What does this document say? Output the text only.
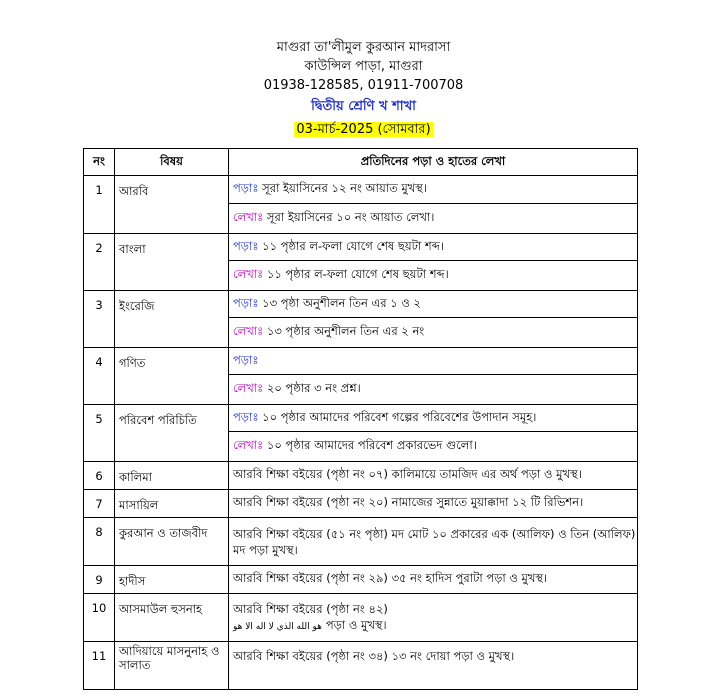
মাগুরা তা'লীমুল কুরআন মাদরাসা
কাউন্সিল পাড়া, মাগুরা
01938-128585, 01911-700708
দ্বিতীয় শ্রেণি খ শাখা
03-মার্চ-2025 (সোমবার)
নং	বিষয়	প্রতিদিনের পড়া ও হাতের লেখা
1	আরবি	পড়াঃ সূরা ইয়াসিনের ১২ নং আয়াত মুখস্থ।
		লেখাঃ সূরা ইয়াসিনের ১০ নং আয়াত লেখা।
2	বাংলা	পড়াঃ ১১ পৃষ্ঠার ল-ফলা যোগে শেষ ছয়টা শব্দ।
		লেখাঃ ১১ পৃষ্ঠার ল-ফলা যোগে শেষ ছয়টা শব্দ।
3	ইংরেজি	পড়াঃ ১৩ পৃষ্ঠা অনুশীলন তিন এর ১ ও ২
		লেখাঃ ১৩ পৃষ্ঠার অনুশীলন তিন এর ২ নং
4	গণিত	পড়াঃ
		লেখাঃ ২০ পৃষ্ঠার ৩ নং প্রশ্ন।
5	পরিবেশ পরিচিতি	পড়াঃ ১০ পৃষ্ঠার আমাদের পরিবেশ গল্পের পরিবেশের উপাদান সমূহ।
		লেখাঃ ১০ পৃষ্ঠার আমাদের পরিবেশ প্রকারভেদ গুলো।
6	কালিমা	আরবি শিক্ষা বইয়ের (পৃষ্ঠা নং ০৭) কালিমায়ে তামজিদ এর অর্থ পড়া ও মুখস্থ।
7	মাসায়িল	আরবি শিক্ষা বইয়ের (পৃষ্ঠা নং ২০) নামাজের সুন্নাতে মুয়াক্কাদা ১২ টি রিভিশন।
8	কুরআন ও তাজবীদ	আরবি শিক্ষা বইয়ের (৫১ নং পৃষ্ঠা) মদ মোট ১০ প্রকারের এক (আলিফ) ও তিন (আলিফ) মদ পড়া মুখস্থ।
9	হাদীস	আরবি শিক্ষা বইয়ের (পৃষ্ঠা নং ২৯) ৩৫ নং হাদিস পুরাটা পড়া ও মুখস্থ।
10	আসমাউল হুসনাহ	আরবি শিক্ষা বইয়ের (পৃষ্ঠা নং ৪২)
هو الله الذي لا اله الا هو পড়া ও মুখস্থ।

11	আদিয়ায়ে মাসনুনাহ ও সালাত	আরবি শিক্ষা বইয়ের (পৃষ্ঠা নং ৩৪) ১৩ নং দোয়া পড়া ও মুখস্থ।
